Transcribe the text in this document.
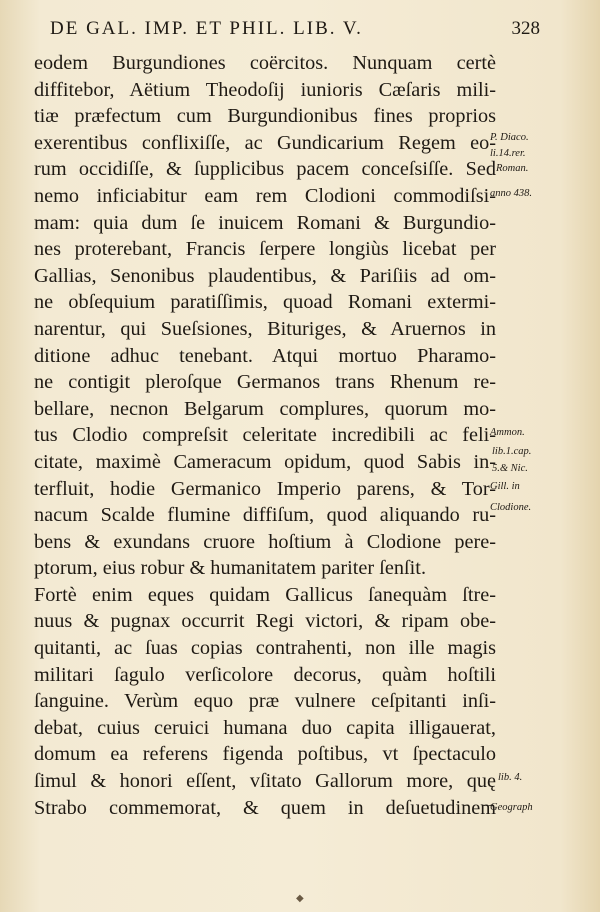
DE GAL. IMP. ET PHIL. LIB. V.	328
eodem Burgundiones coërcitos. Nunquam certè
diffitebor, Aëtium Theodoſij iunioris Cæſaris mili-
tiæ præfectum cum Burgundionibus fines proprios
exerentibus conflixiſſe, ac Gundicarium Regem eo-
rum occidiſſe, & ſupplicibus pacem conceſsiſſe. Sed
nemo inficiabitur eam rem Clodioni commodiſsi-
mam: quia dum ſe inuicem Romani & Burgundio-
nes proterebant, Francis ſerpere longiùs licebat per
Gallias, Senonibus plaudentibus, & Pariſiis ad om-
ne obſequium paratiſſimis, quoad Romani extermi-
narentur, qui Sueſsiones, Bituriges, & Aruernos in
ditione adhuc tenebant. Atqui mortuo Pharamo-
ne contigit pleroſque Germanos trans Rhenum re-
bellare, necnon Belgarum complures, quorum mo-
tus Clodio compreſsit celeritate incredibili ac feli-
citate, maximè Cameracum opidum, quod Sabis in-
terfluit, hodie Germanico Imperio parens, & Tor-
nacum Scalde flumine diffiſum, quod aliquando ru-
bens & exundans cruore hoſtium à Clodione pere-
ptorum, eius robur & humanitatem pariter ſenſit.
Fortè enim eques quidam Gallicus ſanequàm ſtre-
nuus & pugnax occurrit Regi victori, & ripam obe-
quitanti, ac ſuas copias contrahenti, non ille magis
militari ſagulo verſicolore decorus, quàm hoſtili
ſanguine. Verùm equo præ vulnere ceſpitanti inſi-
debat, cuius ceruici humana duo capita illigauerat,
domum ea referens figenda poſtibus, vt ſpectaculo
ſimul & honori eſſent, vſitato Gallorum more, quę
Strabo commemorat, & quem in deſuetudinem
P. Diaco.
li.14.rer.
Roman.
anno 438.
Ammon.
lib.1.cap.
5.& Nic.
Gill. in
Clodione.
lib. 4.
Geograph
◆
